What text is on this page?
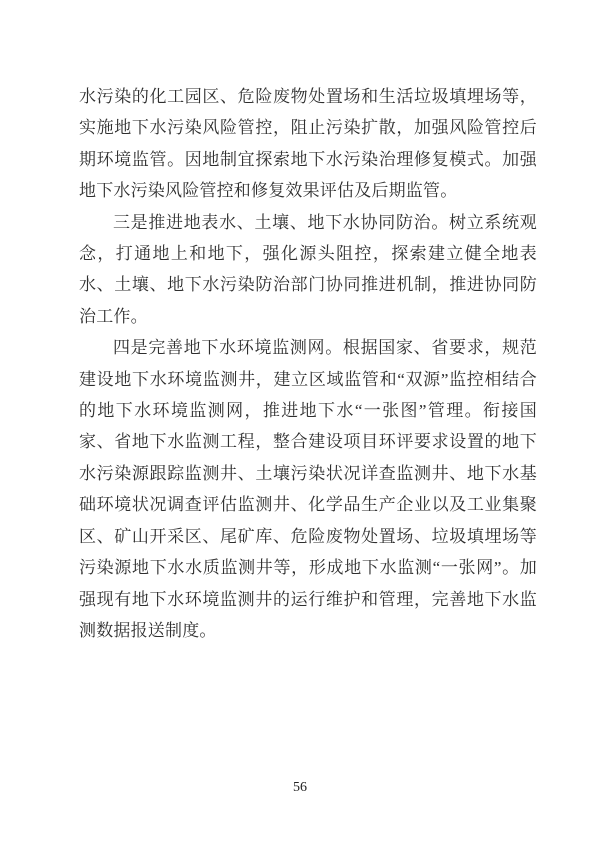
水污染的化工园区、危险废物处置场和生活垃圾填埋场等，实施地下水污染风险管控，阻止污染扩散，加强风险管控后期环境监管。因地制宜探索地下水污染治理修复模式。加强地下水污染风险管控和修复效果评估及后期监管。

三是推进地表水、土壤、地下水协同防治。树立系统观念，打通地上和地下，强化源头阻控，探索建立健全地表水、土壤、地下水污染防治部门协同推进机制，推进协同防治工作。

四是完善地下水环境监测网。根据国家、省要求，规范建设地下水环境监测井，建立区域监管和“双源”监控相结合的地下水环境监测网，推进地下水“一张图”管理。衔接国家、省地下水监测工程，整合建设项目环评要求设置的地下水污染源跟踪监测井、土壤污染状况详查监测井、地下水基础环境状况调查评估监测井、化学品生产企业以及工业集聚区、矿山开采区、尾矿库、危险废物处置场、垃圾填埋场等污染源地下水水质监测井等，形成地下水监测“一张网”。加强现有地下水环境监测井的运行维护和管理，完善地下水监测数据报送制度。

56
